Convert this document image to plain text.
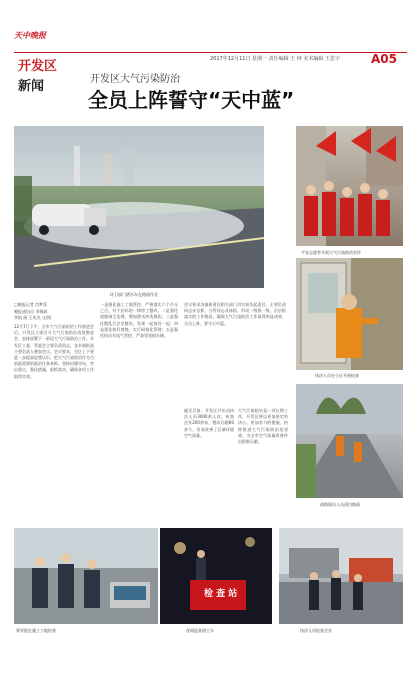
天中晚报
开发区
新闻
2017年12月11日 星期一 责任编辑 王 珂 美术编辑 王思宇	A05
开发区大气污染防治
全员上阵誓守“天中蓝”
环卫部门洒水车在路面作业
平安志愿者开展大气污染防治宣传
执法人员在小区开展检查
道路保洁人员清扫路面
□晚报记者 肖梦菲
晚报通讯员 李瑞斌
李凯 丽 王英杰 文/图
12月7日下午，全市大气污染防治工作推进会后，开发区立即召开大气污染防治攻坚推进会，安排部署下一阶段大气污染防治工作。开发区工委、管委会主要负责同志，各乡镇街道主要负责人参加会议。会议要求，全区上下要进一步提高思想认识，把大气污染防治作为当前最重要的政治任务来抓，坚持问题导向，突出重点，强化措施，狠抓落实，确保各项工作取得实效。
一是强化施工工地管控，严格落实六个百分之百，对不达标的一律停工整改；二是强化道路扬尘治理，增加洒水冲洗频次；三是强化散乱污企业整治，发现一起查处一起；四是强化秸秆禁烧，实行网格化管理；五是强化机动车尾气管控，严查冒黑烟车辆。
会议要求各镇街道及相关部门切实担负起责任，主要负责同志亲自抓，分管同志具体抓，形成一级抓一级、层层抓落实的工作格局，确保大气污染防治工作取得明显成效，全员上阵，誓守天中蓝。
截至目前，开发区共出动执法人员3000余人次，检查企业200余家，整改问题80余个，有效改善了区域环境空气质量。
大气污染防治是一项长期工作，开发区将以更加坚定的决心、更加有力的措施，持续推进大气污染防治攻坚战，为全市空气质量改善作出积极贡献。
督导组在施工工地检查
检 查 站
夜间巡查渣土车	执法人员检查企业
